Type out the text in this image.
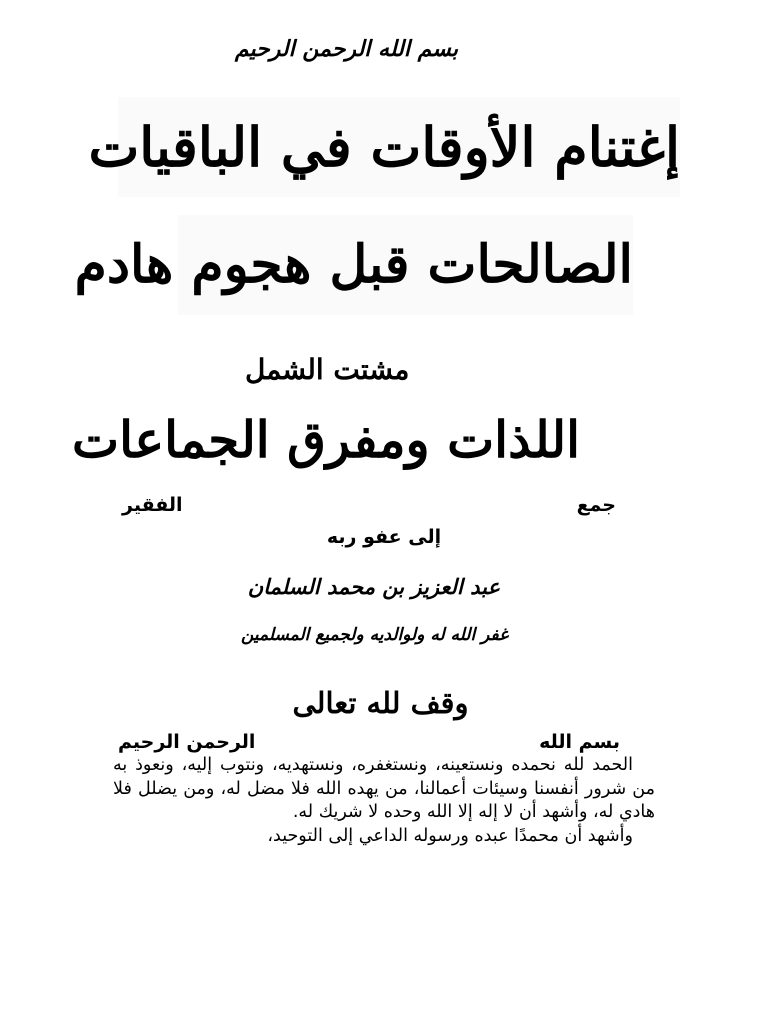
بسم الله الرحمن الرحيم
إغتنام الأوقات في الباقيات
الصالحات قبل هجوم هادم
مشتت الشمل
اللذات ومفرق الجماعات
جمع
الفقير
إلى عفو ربه
عبد العزيز بن محمد السلمان
غفر الله له ولوالديه ولجميع المسلمين
وقف لله تعالى
بسم الله
الرحمن الرحيم
الحمد لله نحمده ونستعينه، ونستغفره، ونستهديه، ونتوب إليه، ونعوذ به من شرور أنفسنا وسيئات أعمالنا، من يهده الله فلا مضل له، ومن يضلل فلا هادي له، وأشهد أن لا إله إلا الله وحده لا شريك له.
وأشهد أن محمدًا عبده ورسوله الداعي إلى التوحيد،
